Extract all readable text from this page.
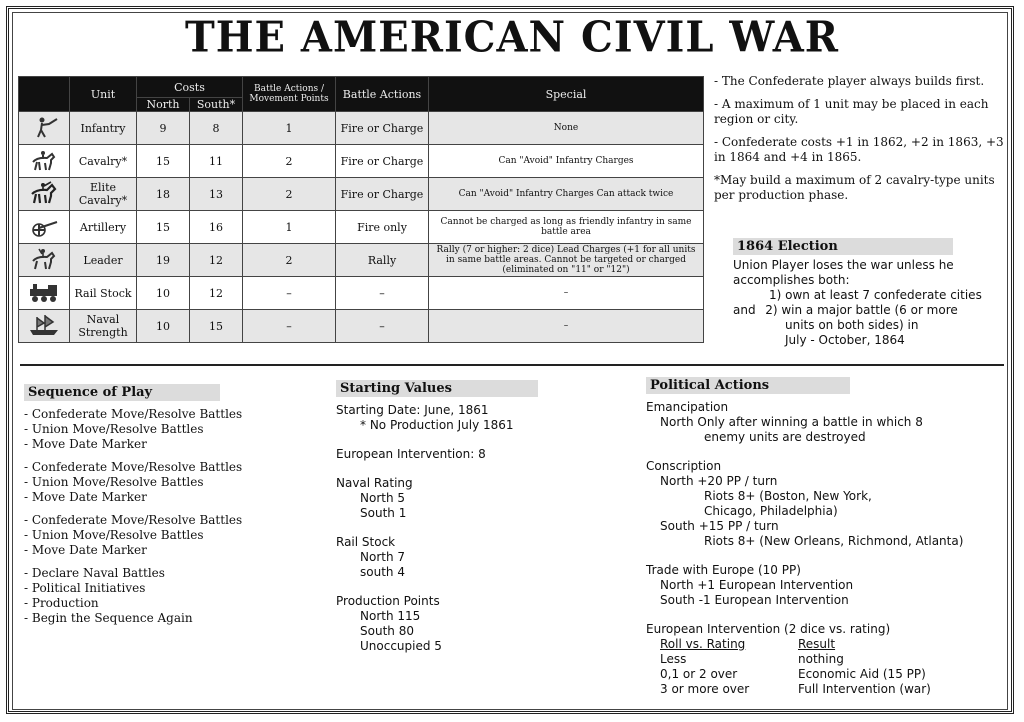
THE AMERICAN CIVIL WAR
	Unit	Costs		Battle Actions / Movement Points	Battle Actions	Special
		North	South*			
	Infantry	9	8	1	Fire or Charge	None
	Cavalry*	15	11	2	Fire or Charge	Can "Avoid" Infantry Charges
	Elite Cavalry*	18	13	2	Fire or Charge	Can "Avoid" Infantry Charges Can attack twice
	Artillery	15	16	1	Fire only	Cannot be charged as long as friendly infantry in same battle area
	Leader	19	12	2	Rally	Rally (7 or higher: 2 dice) Lead Charges (+1 for all units in same battle areas. Cannot be targeted or charged (eliminated on "11" or "12")
	Rail Stock	10	12	–	–	–
	Naval Strength	10	15	–	–	–

- The Confederate player always builds first.

- A maximum of 1 unit may be placed in each region or city.

- Confederate costs +1 in 1862, +2 in 1863, +3 in 1864 and +4 in 1865.

*May build a maximum of 2 cavalry-type units per production phase.

1864 Election
Union Player loses the war unless he accomplishes both:
1) own at least 7 confederate cities
and 2) win a major battle (6 or more
units on both sides) in
July - October, 1864
Sequence of Play
- Confederate Move/Resolve Battles
- Union Move/Resolve Battles
- Move Date Marker
- Confederate Move/Resolve Battles
- Union Move/Resolve Battles
- Move Date Marker
- Confederate Move/Resolve Battles
- Union Move/Resolve Battles
- Move Date Marker
- Declare Naval Battles
- Political Initiatives
- Production
- Begin the Sequence Again
Starting Values
Starting Date: June, 1861
* No Production July 1861
European Intervention: 8
Naval Rating
North 5
South 1
Rail Stock
North 7
south 4
Production Points
North 115
South 80
Unoccupied 5
Political Actions
Emancipation
North Only after winning a battle in which 8
enemy units are destroyed
Conscription
North +20 PP / turn
Riots 8+ (Boston, New York,
Chicago, Philadelphia)
South +15 PP / turn
Riots 8+ (New Orleans, Richmond, Atlanta)
Trade with Europe (10 PP)
North +1 European Intervention
South -1 European Intervention
European Intervention (2 dice vs. rating)
Roll vs. Rating	Result
Less	nothing
0,1 or 2 over	Economic Aid (15 PP)
3 or more over	Full Intervention (war)
